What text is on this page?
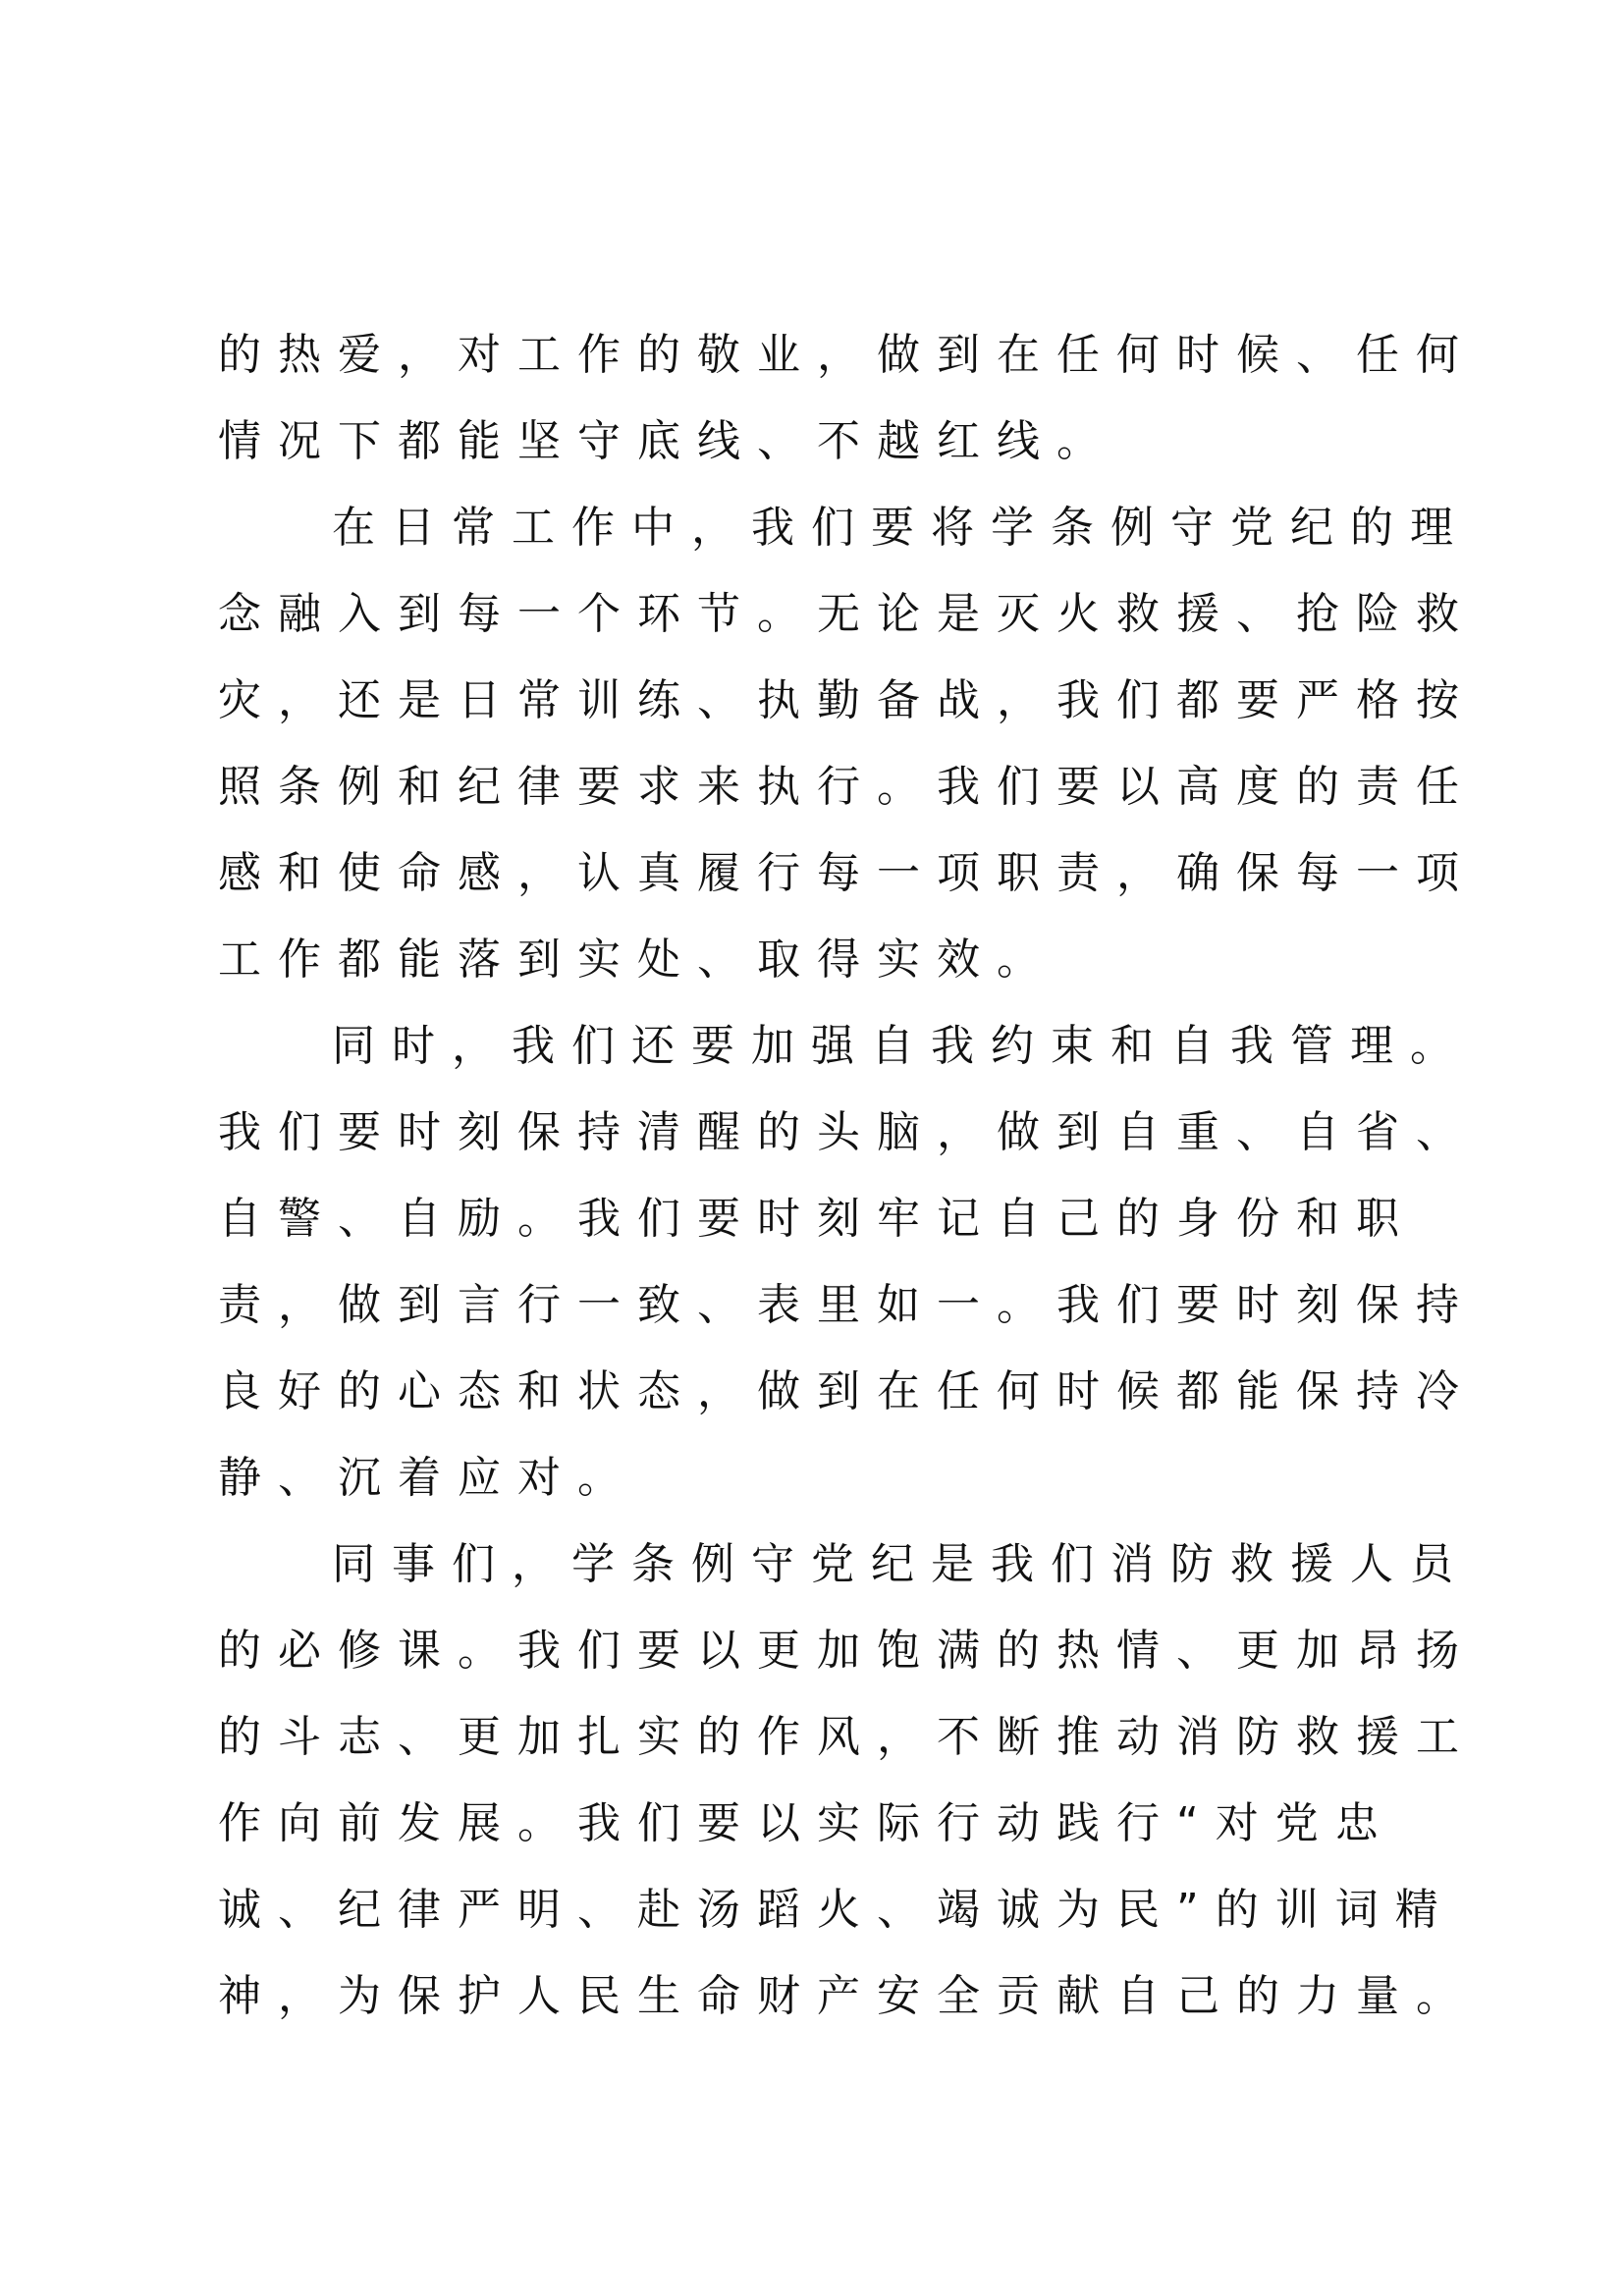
的热爱，对工作的敬业，做到在任何时候、任何
情况下都能坚守底线、不越红线。
在日常工作中，我们要将学条例守党纪的理
念融入到每一个环节。无论是灭火救援、抢险救
灾，还是日常训练、执勤备战，我们都要严格按
照条例和纪律要求来执行。我们要以高度的责任
感和使命感，认真履行每一项职责，确保每一项
工作都能落到实处、取得实效。
同时，我们还要加强自我约束和自我管理。
我们要时刻保持清醒的头脑，做到自重、自省、
自警、自励。我们要时刻牢记自己的身份和职
责，做到言行一致、表里如一。我们要时刻保持
良好的心态和状态，做到在任何时候都能保持冷
静、沉着应对。
同事们，学条例守党纪是我们消防救援人员
的必修课。我们要以更加饱满的热情、更加昂扬
的斗志、更加扎实的作风，不断推动消防救援工
作向前发展。我们要以实际行动践行“对党忠
诚、纪律严明、赴汤蹈火、竭诚为民”的训词精
神，为保护人民生命财产安全贡献自己的力量。
